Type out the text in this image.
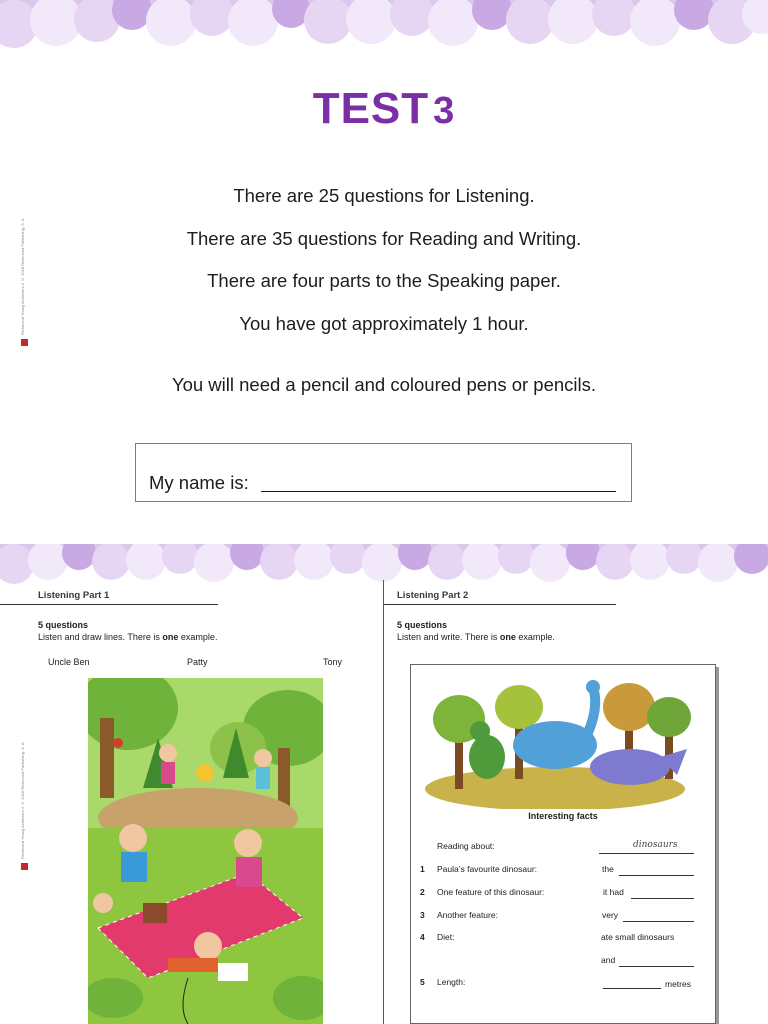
TEST 3
There are 25 questions for Listening.
There are 35 questions for Reading and Writing.
There are four parts to the Speaking paper.
You have got approximately 1 hour.
You will need a pencil and coloured pens or pencils.
My name is:
Richmond Young Achievers 3 © 2018 Richmond Publishing, S. A.
Listening Part 1
5 questions
Listen and draw lines. There is one example.
Uncle Ben	Patty	Tony
Richmond Young Achievers 3 © 2018 Richmond Publishing, S. A.
Listening Part 2
5 questions
Listen and write. There is one example.
Interesting facts
Reading about:	dinosaurs
1 Paula’s favourite dinosaur:	the
2 One feature of this dinosaur:	it had
3 Another feature:	very
4 Diet:	ate small dinosaurs
and
5 Length:	metres
